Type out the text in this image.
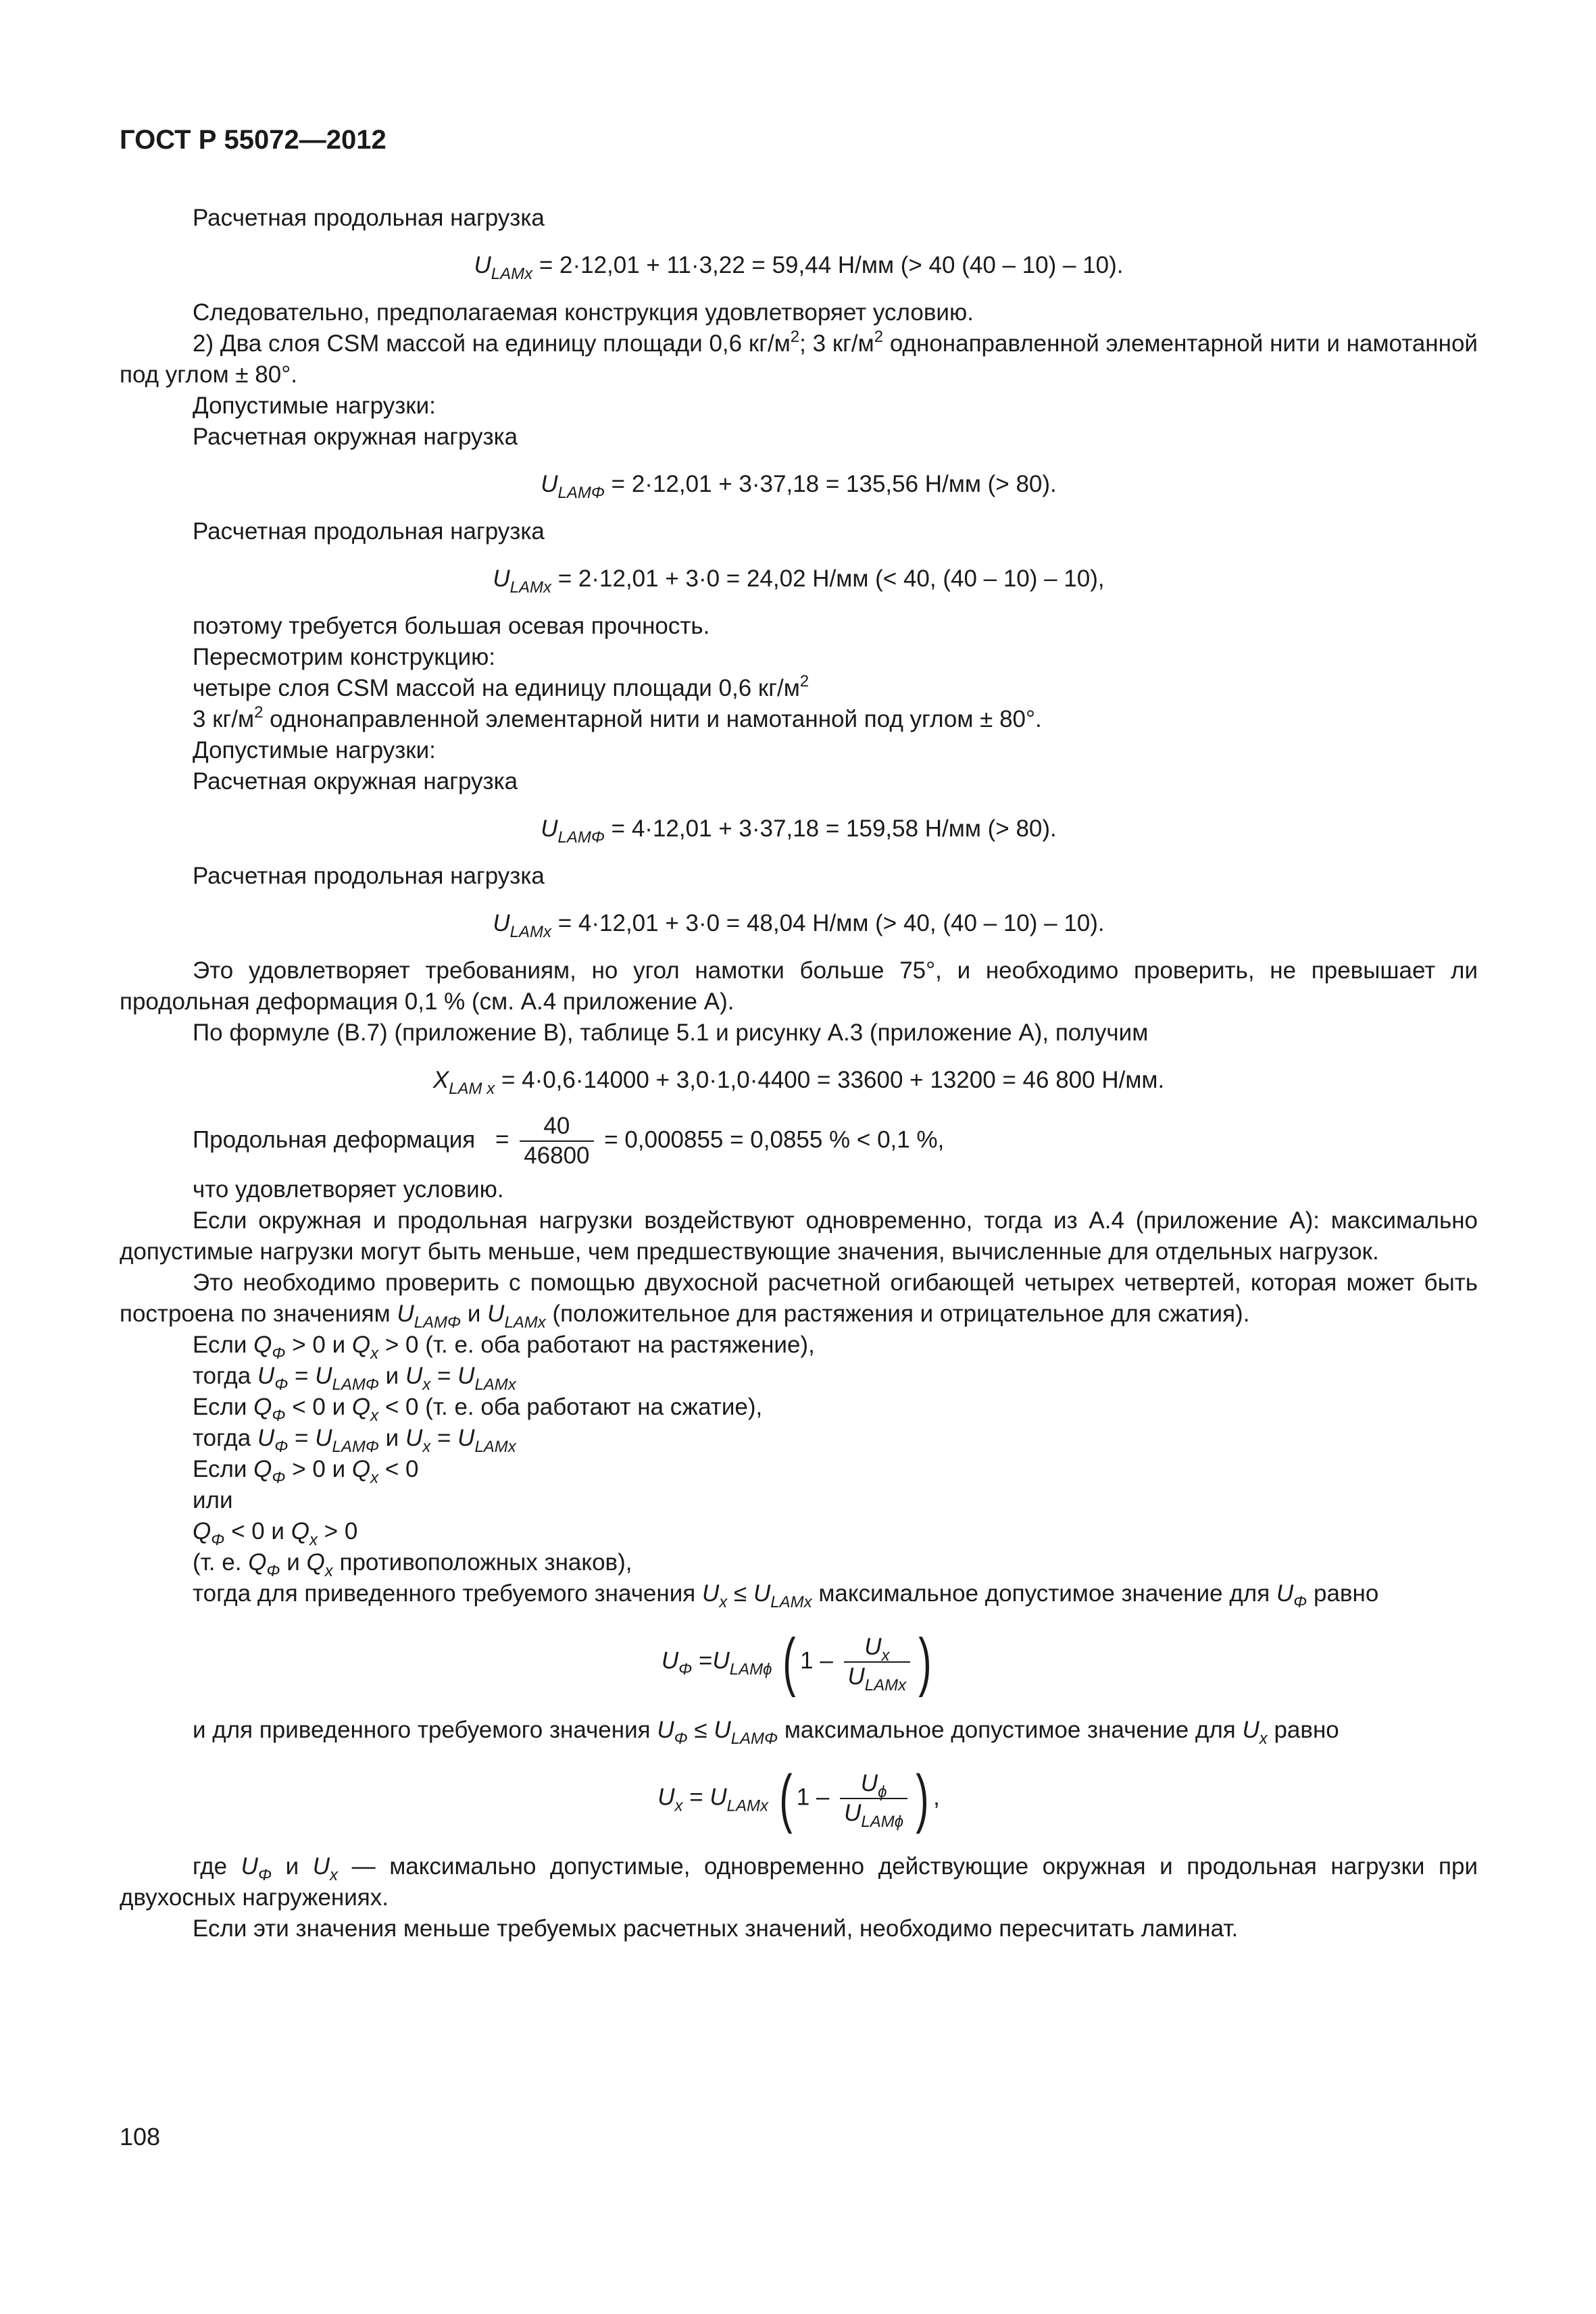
ГОСТ Р 55072—2012

Расчетная продольная нагрузка

$U_{LAMx} = 2\cdot 12,01 + 11\cdot 3,22 = 59,44$ Н/мм (> 40 (40 – 10) – 10).

Следовательно, предполагаемая конструкция удовлетворяет условию.

2) Два слоя CSM массой на единицу площади 0,6 $кг/м^2$; 3 $кг/м^2$ однонаправленной элементарной нити и намотанной под углом ± 80°.

Допустимые нагрузки:

Расчетная окружная нагрузка

$U_{LAM\Phi} = 2\cdot 12,01 + 3\cdot 37,18 = 135,56$ Н/мм (> 80).

Расчетная продольная нагрузка

$U_{LAMx} = 2\cdot 12,01 + 3\cdot 0 = 24,02$ Н/мм (< 40, (40 – 10) – 10),

поэтому требуется большая осевая прочность.

Пересмотрим конструкцию:

четыре слоя CSM массой на единицу площади 0,6 $кг/м^2$

3 $кг/м^2$ однонаправленной элементарной нити и намотанной под углом ± 80°.

Допустимые нагрузки:

Расчетная окружная нагрузка

$U_{LAM\Phi} = 4\cdot 12,01 + 3\cdot 37,18 = 159,58$ Н/мм (> 80).

Расчетная продольная нагрузка

$U_{LAMx} = 4\cdot 12,01 + 3\cdot 0 = 48,04$ Н/мм (> 40, (40 – 10) – 10).

Это удовлетворяет требованиям, но угол намотки больше 75°, и необходимо проверить, не превышает ли продольная деформация 0,1 % (см. А.4 приложение А).

По формуле (В.7) (приложение В), таблице 5.1 и рисунку А.3 (приложение А), получим

$X_{LAM x} = 4\cdot 0,6\cdot 14000 + 3,0\cdot 1,0\cdot 4400 = 33600 + 13200 = 46$ 800 Н/мм.

Продольная деформация = $\frac{40}{46800} = 0,000855 = 0,0855$ % < 0,1 %,

что удовлетворяет условию.

Если окружная и продольная нагрузки воздействуют одновременно, тогда из А.4 (приложение А): максимально допустимые нагрузки могут быть меньше, чем предшествующие значения, вычисленные для отдельных нагрузок.

Это необходимо проверить с помощью двухосной расчетной огибающей четырех четвертей, которая может быть построена по значениям $U_{LAM\Phi}$ и $U_{LAMx}$ (положительное для растяжения и отрицательное для сжатия).

Если $Q_\Phi > 0$ и $Q_x > 0$ (т. е. оба работают на растяжение),

тогда $U_\Phi = U_{LAM\Phi}$ и $U_x = U_{LAMx}$

Если $Q_\Phi < 0$ и $Q_x < 0$ (т. е. оба работают на сжатие),

тогда $U_\Phi = U_{LAM\Phi}$ и $U_x = U_{LAMx}$

Если $Q_\Phi > 0$ и $Q_x < 0$

или

$Q_\Phi < 0$ и $Q_x > 0$

(т. е. $Q_\Phi$ и $Q_x$ противоположных знаков),

тогда для приведенного требуемого значения $U_x \le U_{LAMx}$ максимальное допустимое значение для $U_\Phi$ равно

$U_\Phi =U_{LAM\phi}$ ( $1 - \frac{U_x}{U_{LAMx}}$ )

и для приведенного требуемого значения $U_\Phi \le U_{LAM\Phi}$ максимальное допустимое значение для $U_x$ равно

$U_x = U_{LAMx}$ ( $1 - \frac{U_\phi}{U_{LAM\phi}}$ ) ,

где $U_\Phi$ и $U_x$ — максимально допустимые, одновременно действующие окружная и продольная нагрузки при двухосных нагружениях.

Если эти значения меньше требуемых расчетных значений, необходимо пересчитать ламинат.

108
